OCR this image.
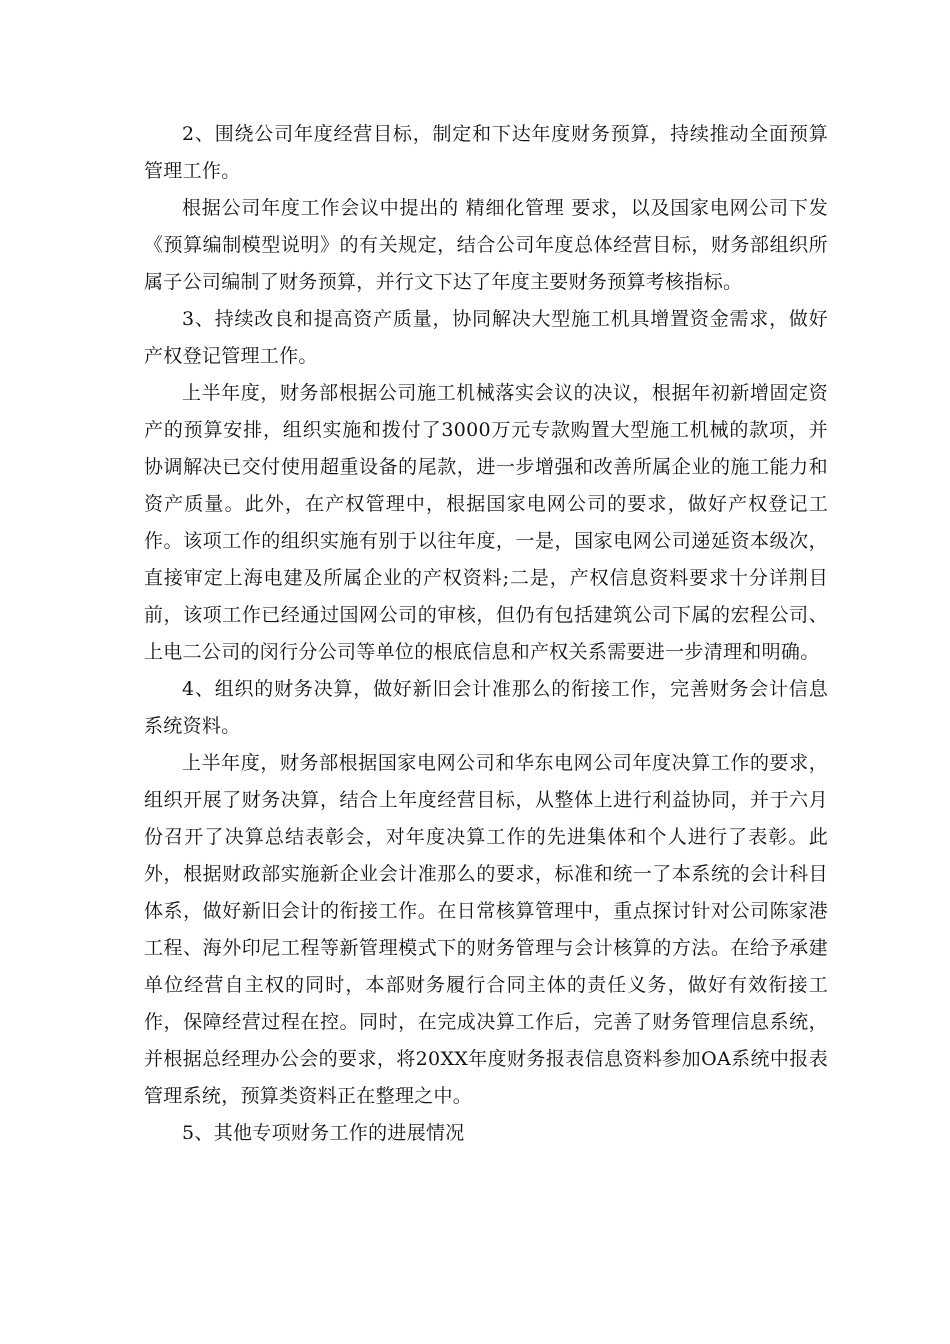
2、围绕公司年度经营目标，制定和下达年度财务预算，持续推动全面预算管理工作。

根据公司年度工作会议中提出的 精细化管理 要求，以及国家电网公司下发《预算编制模型说明》的有关规定，结合公司年度总体经营目标，财务部组织所属子公司编制了财务预算，并行文下达了年度主要财务预算考核指标。

3、持续改良和提高资产质量，协同解决大型施工机具增置资金需求，做好产权登记管理工作。

上半年度，财务部根据公司施工机械落实会议的决议，根据年初新增固定资产的预算安排，组织实施和拨付了3000万元专款购置大型施工机械的款项，并协调解决已交付使用超重设备的尾款，进一步增强和改善所属企业的施工能力和资产质量。此外，在产权管理中，根据国家电网公司的要求，做好产权登记工作。该项工作的组织实施有别于以往年度，一是，国家电网公司递延资本级次，直接审定上海电建及所属企业的产权资料;二是，产权信息资料要求十分详荆目前，该项工作已经通过国网公司的审核，但仍有包括建筑公司下属的宏程公司、上电二公司的闵行分公司等单位的根底信息和产权关系需要进一步清理和明确。

4、组织的财务决算，做好新旧会计准那么的衔接工作，完善财务会计信息系统资料。

上半年度，财务部根据国家电网公司和华东电网公司年度决算工作的要求，组织开展了财务决算，结合上年度经营目标，从整体上进行利益协同，并于六月份召开了决算总结表彰会，对年度决算工作的先进集体和个人进行了表彰。此外，根据财政部实施新企业会计准那么的要求，标准和统一了本系统的会计科目体系，做好新旧会计的衔接工作。在日常核算管理中，重点探讨针对公司陈家港工程、海外印尼工程等新管理模式下的财务管理与会计核算的方法。在给予承建单位经营自主权的同时，本部财务履行合同主体的责任义务，做好有效衔接工作，保障经营过程在控。同时，在完成决算工作后，完善了财务管理信息系统，并根据总经理办公会的要求，将20XX年度财务报表信息资料参加OA系统中报表管理系统，预算类资料正在整理之中。

5、其他专项财务工作的进展情况
